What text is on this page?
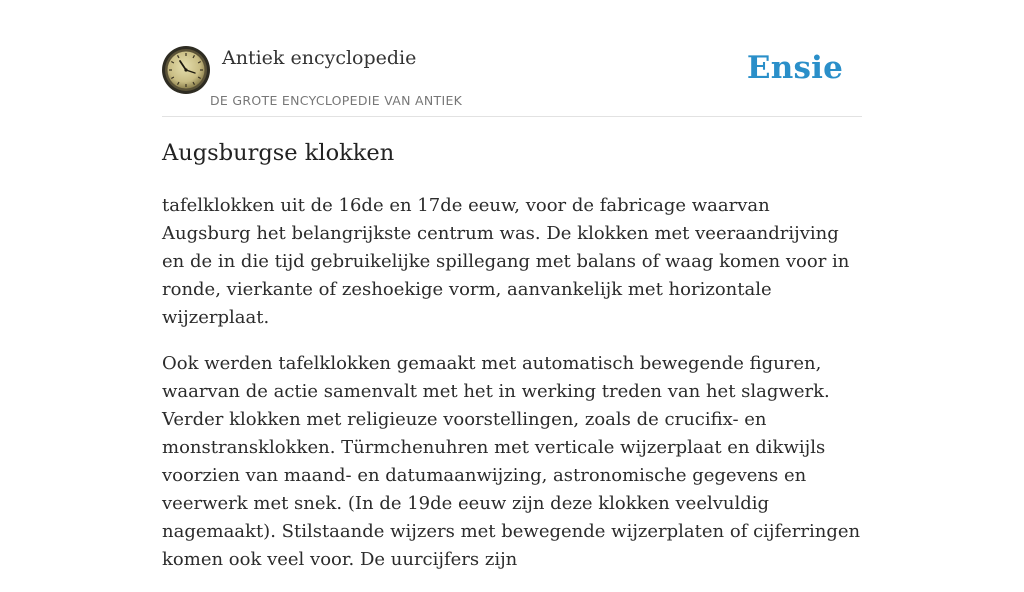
Antiek encyclopedie
DE GROTE ENCYCLOPEDIE VAN ANTIEK
Ensie
Augsburgse klokken

tafelklokken uit de 16de en 17de eeuw, voor de fabricage waarvan Augsburg het belangrijkste centrum was. De klokken met veeraandrijving en de in die tijd gebruikelijke spillegang met balans of waag komen voor in ronde, vierkante of zeshoekige vorm, aanvankelijk met horizontale wijzerplaat.

Ook werden tafelklokken gemaakt met automatisch bewegende figuren, waarvan de actie samenvalt met het in werking treden van het slagwerk. Verder klokken met religieuze voorstellingen, zoals de crucifix- en monstransklokken. Türmchenuhren met verticale wijzerplaat en dikwijls voorzien van maand- en datumaanwijzing, astronomische gegevens en veerwerk met snek. (In de 19de eeuw zijn deze klokken veelvuldig nagemaakt). Stilstaande wijzers met bewegende wijzerplaten of cijferringen komen ook veel voor. De uurcijfers zijn
